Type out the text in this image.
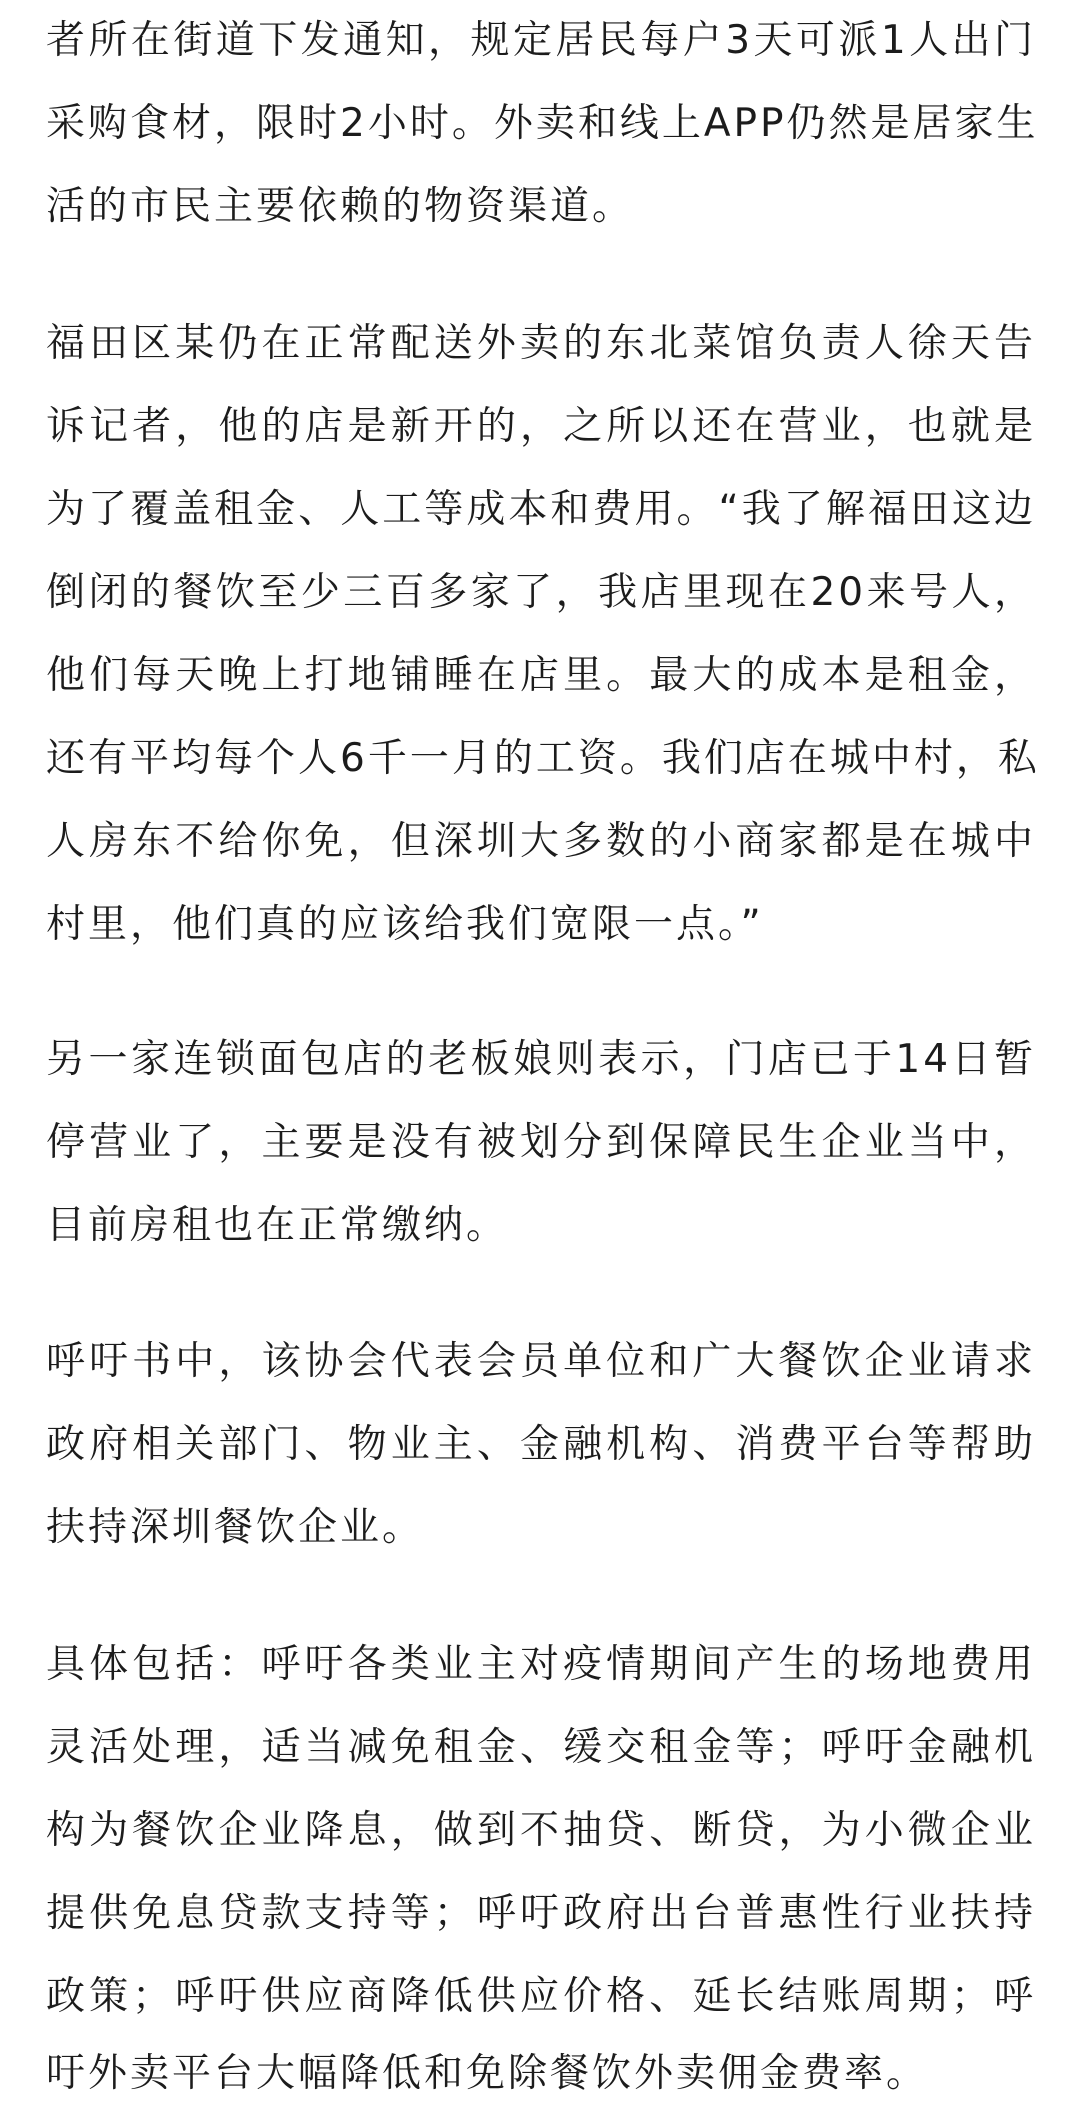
者所在街道下发通知，规定居民每户3天可派1人出门
采购食材，限时2小时。外卖和线上APP仍然是居家生
活的市民主要依赖的物资渠道。
福田区某仍在正常配送外卖的东北菜馆负责人徐天告
诉记者，他的店是新开的，之所以还在营业，也就是
为了覆盖租金、人工等成本和费用。“我了解福田这边
倒闭的餐饮至少三百多家了，我店里现在20来号人，
他们每天晚上打地铺睡在店里。最大的成本是租金，
还有平均每个人6千一月的工资。我们店在城中村，私
人房东不给你免，但深圳大多数的小商家都是在城中
村里，他们真的应该给我们宽限一点。”
另一家连锁面包店的老板娘则表示，门店已于14日暂
停营业了，主要是没有被划分到保障民生企业当中，
目前房租也在正常缴纳。
呼吁书中，该协会代表会员单位和广大餐饮企业请求
政府相关部门、物业主、金融机构、消费平台等帮助
扶持深圳餐饮企业。
具体包括：呼吁各类业主对疫情期间产生的场地费用
灵活处理，适当减免租金、缓交租金等；呼吁金融机
构为餐饮企业降息，做到不抽贷、断贷，为小微企业
提供免息贷款支持等；呼吁政府出台普惠性行业扶持
政策；呼吁供应商降低供应价格、延长结账周期；呼
吁外卖平台大幅降低和免除餐饮外卖佣金费率。
